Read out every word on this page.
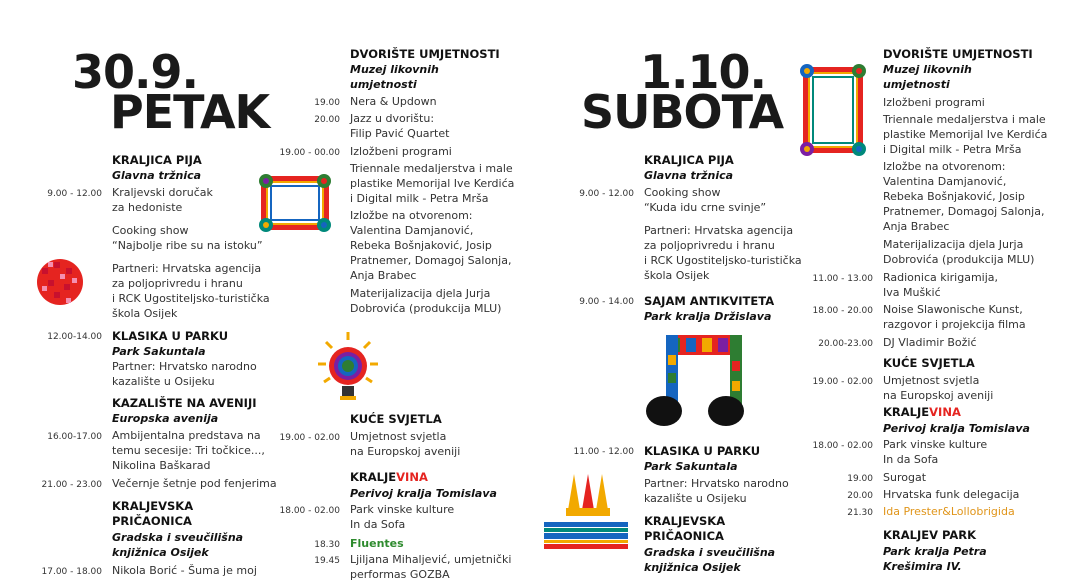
30.9.
PETAK
KRALJICA PIJA
Glavna tržnica
9.00 - 12.00 Kraljevski doručak
za hedoniste
Cooking show
“Najbolje ribe su na istoku”
Partneri: Hrvatska agencija
za poljoprivredu i hranu
i RCK Ugostiteljsko-turistička
škola Osijek
12.00-14.00 KLASIKA U PARKU
Park Sakuntala
Partner: Hrvatsko narodno
kazalište u Osijeku
KAZALIŠTE NA AVENIJI
Europska avenija
16.00-17.00 Ambijentalna predstava na
temu secesije: Tri točkice...,
Nikolina Baškarad
21.00 - 23.00 Večernje šetnje pod fenjerima
KRALJEVSKA
PRIČAONICA
Gradska i sveučilišna
knjižnica Osijek
17.00 - 18.00 Nikola Borić - Šuma je moj
DVORIŠTE UMJETNOSTI
Muzej likovnih
umjetnosti
19.00 Nera & Updown
20.00 Jazz u dvorištu:
Filip Pavić Quartet
19.00 - 00.00 Izložbeni programi
Triennale medaljerstva i male
plastike Memorijal Ive Kerdića
i Digital milk - Petra Mrša
Izložbe na otvorenom:
Valentina Damjanović,
Rebeka Bošnjaković, Josip
Pratnemer, Domagoj Salonja,
Anja Brabec
Materijalizacija djela Jurja
Dobrovića (produkcija MLU)
KUĆE SVJETLA
19.00 - 02.00 Umjetnost svjetla
na Europskoj aveniji
KRALJEVINA
Perivoj kralja Tomislava
18.00 - 02.00 Park vinske kulture
In da Sofa
18.30 Fluentes
19.45 Ljiljana Mihaljević, umjetnički
performas GOZBA
1.10.
SUBOTA
KRALJICA PIJA
Glavna tržnica
9.00 - 12.00 Cooking show
“Kuda idu crne svinje”
Partneri: Hrvatska agencija
za poljoprivredu i hranu
i RCK Ugostiteljsko-turistička
škola Osijek
9.00 - 14.00 SAJAM ANTIKVITETA
Park kralja Držislava
11.00 - 12.00 KLASIKA U PARKU
Park Sakuntala
Partner: Hrvatsko narodno
kazalište u Osijeku
KRALJEVSKA
PRIČAONICA
Gradska i sveučilišna
knjižnica Osijek
DVORIŠTE UMJETNOSTI
Muzej likovnih
umjetnosti
Izložbeni programi
Triennale medaljerstva i male
plastike Memorijal Ive Kerdića
i Digital milk - Petra Mrša
Izložbe na otvorenom:
Valentina Damjanović,
Rebeka Bošnjaković, Josip
Pratnemer, Domagoj Salonja,
Anja Brabec
Materijalizacija djela Jurja
Dobrovića (produkcija MLU)
11.00 - 13.00 Radionica kirigamija,
Iva Muškić
18.00 - 20.00 Noise Slawonische Kunst,
razgovor i projekcija filma
20.00-23.00 DJ Vladimir Božić
KUĆE SVJETLA
19.00 - 02.00 Umjetnost svjetla
na Europskoj aveniji
KRALJEVINA
Perivoj kralja Tomislava
18.00 - 02.00 Park vinske kulture
In da Sofa
19.00 Surogat
20.00 Hrvatska funk delegacija
21.30 Ida Prester&Lollobrigida
KRALJEV PARK
Park kralja Petra
Krešimira IV.
